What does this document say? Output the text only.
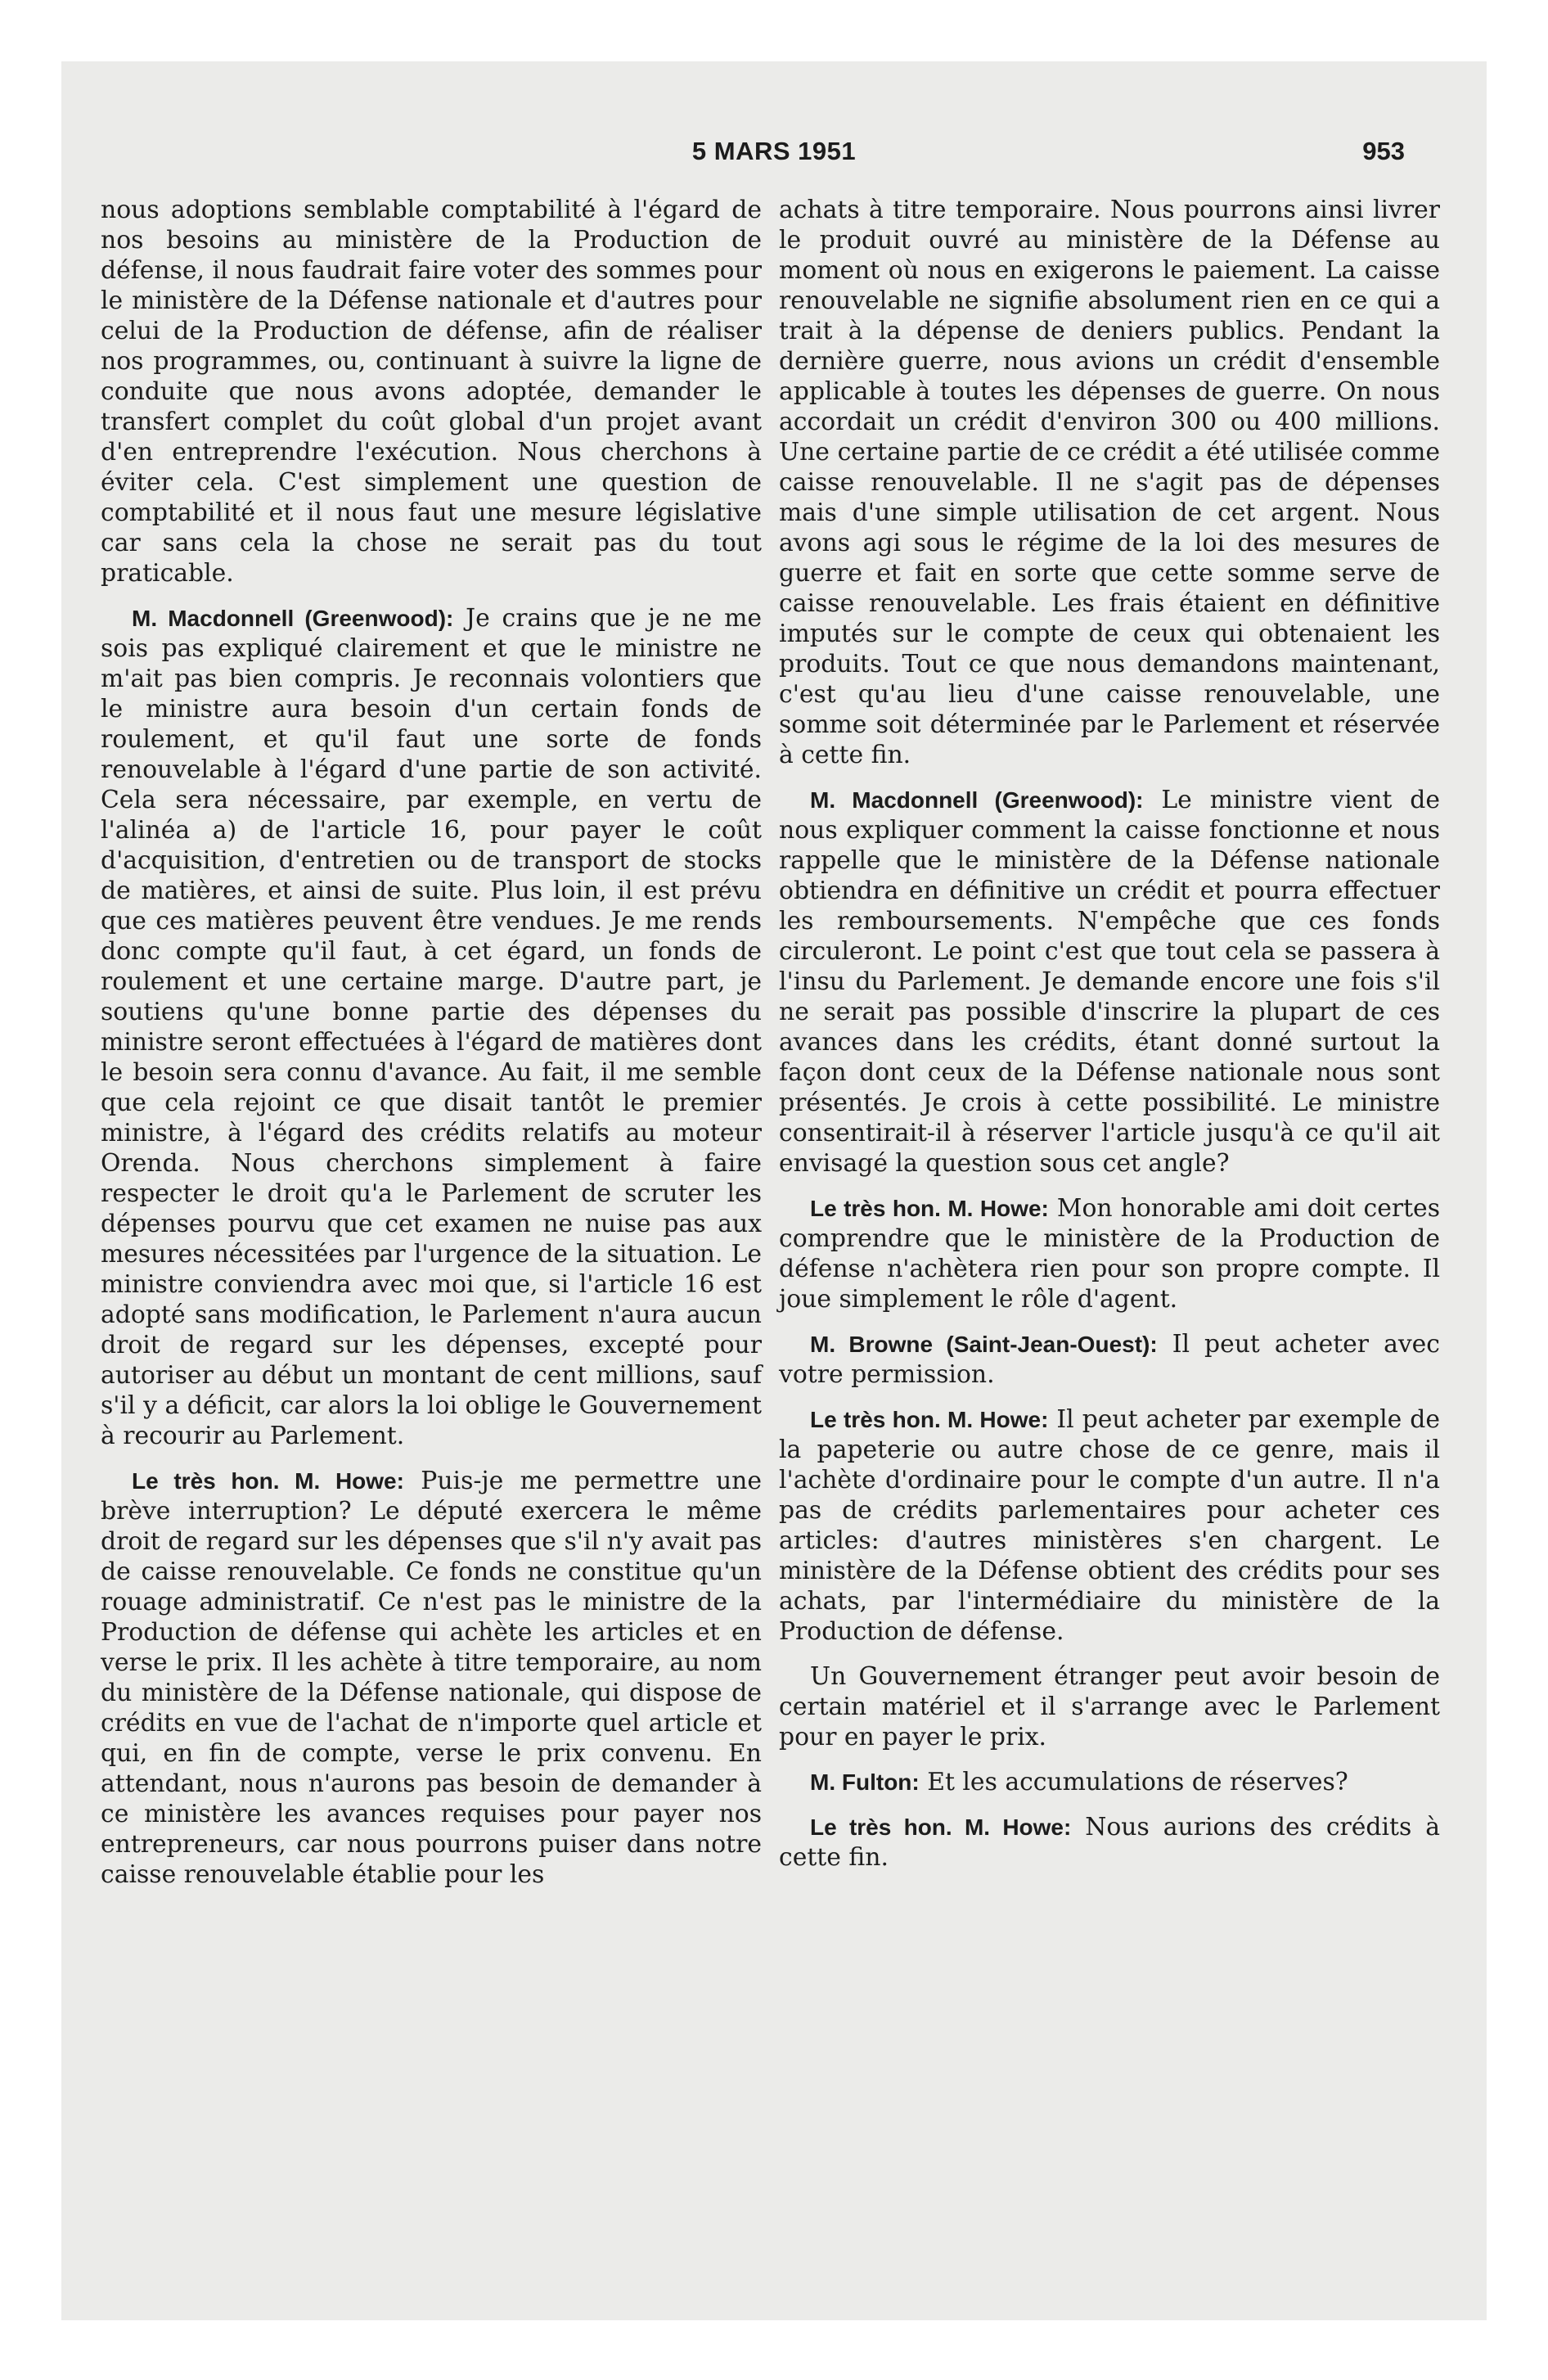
5 MARS 1951	953

nous adoptions semblable comptabilité à l'égard de nos besoins au ministère de la Production de défense, il nous faudrait faire voter des sommes pour le ministère de la Défense nationale et d'autres pour celui de la Production de défense, afin de réaliser nos programmes, ou, continuant à suivre la ligne de conduite que nous avons adoptée, demander le transfert complet du coût global d'un projet avant d'en entreprendre l'exécution. Nous cherchons à éviter cela. C'est simplement une question de comptabilité et il nous faut une mesure législative car sans cela la chose ne serait pas du tout praticable.

M. Macdonnell (Greenwood): Je crains que je ne me sois pas expliqué clairement et que le ministre ne m'ait pas bien compris. Je reconnais volontiers que le ministre aura besoin d'un certain fonds de roulement, et qu'il faut une sorte de fonds renouvelable à l'égard d'une partie de son activité. Cela sera nécessaire, par exemple, en vertu de l'alinéa a) de l'article 16, pour payer le coût d'acquisition, d'entretien ou de transport de stocks de matières, et ainsi de suite. Plus loin, il est prévu que ces matières peuvent être vendues. Je me rends donc compte qu'il faut, à cet égard, un fonds de roulement et une certaine marge. D'autre part, je soutiens qu'une bonne partie des dépenses du ministre seront effectuées à l'égard de matières dont le besoin sera connu d'avance. Au fait, il me semble que cela rejoint ce que disait tantôt le premier ministre, à l'égard des crédits relatifs au moteur Orenda. Nous cherchons simplement à faire respecter le droit qu'a le Parlement de scruter les dépenses pourvu que cet examen ne nuise pas aux mesures nécessitées par l'urgence de la situation. Le ministre conviendra avec moi que, si l'article 16 est adopté sans modification, le Parlement n'aura aucun droit de regard sur les dépenses, excepté pour autoriser au début un montant de cent millions, sauf s'il y a déficit, car alors la loi oblige le Gouvernement à recourir au Parlement.

Le très hon. M. Howe: Puis-je me permettre une brève interruption? Le député exercera le même droit de regard sur les dépenses que s'il n'y avait pas de caisse renouvelable. Ce fonds ne constitue qu'un rouage administratif. Ce n'est pas le ministre de la Production de défense qui achète les articles et en verse le prix. Il les achète à titre temporaire, au nom du ministère de la Défense nationale, qui dispose de crédits en vue de l'achat de n'importe quel article et qui, en fin de compte, verse le prix convenu. En attendant, nous n'aurons pas besoin de demander à ce ministère les avances requises pour payer nos entrepreneurs, car nous pourrons puiser dans notre caisse renouvelable établie pour les

achats à titre temporaire. Nous pourrons ainsi livrer le produit ouvré au ministère de la Défense au moment où nous en exigerons le paiement. La caisse renouvelable ne signifie absolument rien en ce qui a trait à la dépense de deniers publics. Pendant la dernière guerre, nous avions un crédit d'ensemble applicable à toutes les dépenses de guerre. On nous accordait un crédit d'environ 300 ou 400 millions. Une certaine partie de ce crédit a été utilisée comme caisse renouvelable. Il ne s'agit pas de dépenses mais d'une simple utilisation de cet argent. Nous avons agi sous le régime de la loi des mesures de guerre et fait en sorte que cette somme serve de caisse renouvelable. Les frais étaient en définitive imputés sur le compte de ceux qui obtenaient les produits. Tout ce que nous demandons maintenant, c'est qu'au lieu d'une caisse renouvelable, une somme soit déterminée par le Parlement et réservée à cette fin.

M. Macdonnell (Greenwood): Le ministre vient de nous expliquer comment la caisse fonctionne et nous rappelle que le ministère de la Défense nationale obtiendra en définitive un crédit et pourra effectuer les remboursements. N'empêche que ces fonds circuleront. Le point c'est que tout cela se passera à l'insu du Parlement. Je demande encore une fois s'il ne serait pas possible d'inscrire la plupart de ces avances dans les crédits, étant donné surtout la façon dont ceux de la Défense nationale nous sont présentés. Je crois à cette possibilité. Le ministre consentirait-il à réserver l'article jusqu'à ce qu'il ait envisagé la question sous cet angle?

Le très hon. M. Howe: Mon honorable ami doit certes comprendre que le ministère de la Production de défense n'achètera rien pour son propre compte. Il joue simplement le rôle d'agent.

M. Browne (Saint-Jean-Ouest): Il peut acheter avec votre permission.

Le très hon. M. Howe: Il peut acheter par exemple de la papeterie ou autre chose de ce genre, mais il l'achète d'ordinaire pour le compte d'un autre. Il n'a pas de crédits parlementaires pour acheter ces articles: d'autres ministères s'en chargent. Le ministère de la Défense obtient des crédits pour ses achats, par l'intermédiaire du ministère de la Production de défense.

Un Gouvernement étranger peut avoir besoin de certain matériel et il s'arrange avec le Parlement pour en payer le prix.

M. Fulton: Et les accumulations de réserves?

Le très hon. M. Howe: Nous aurions des crédits à cette fin.
